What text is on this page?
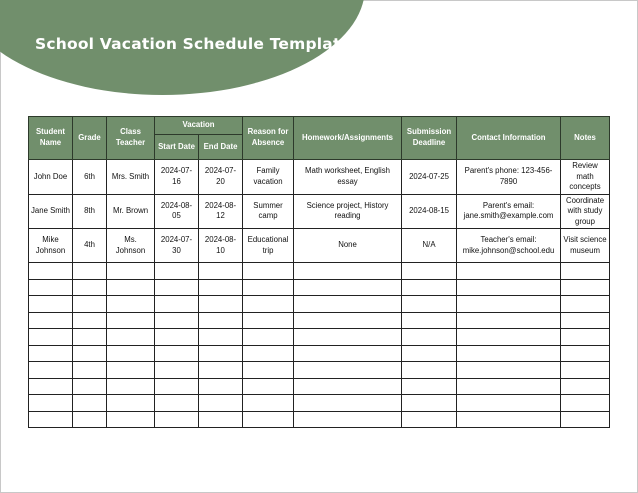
School Vacation Schedule Template
Student Name	Grade	Class Teacher	Vacation		Reason for Absence	Homework/Assignments	Submission Deadline	Contact Information	Notes
			Start Date	End Date					
John Doe	6th	Mrs. Smith	2024-07-16	2024-07-20	Family vacation	Math worksheet, English essay	2024-07-25	Parent's phone: 123-456-7890	Review math concepts
Jane Smith	8th	Mr. Brown	2024-08-05	2024-08-12	Summer camp	Science project, History reading	2024-08-15	Parent's email: jane.smith@example.com	Coordinate with study group
Mike Johnson	4th	Ms. Johnson	2024-07-30	2024-08-10	Educational trip	None	N/A	Teacher's email: mike.johnson@school.edu	Visit science museum
